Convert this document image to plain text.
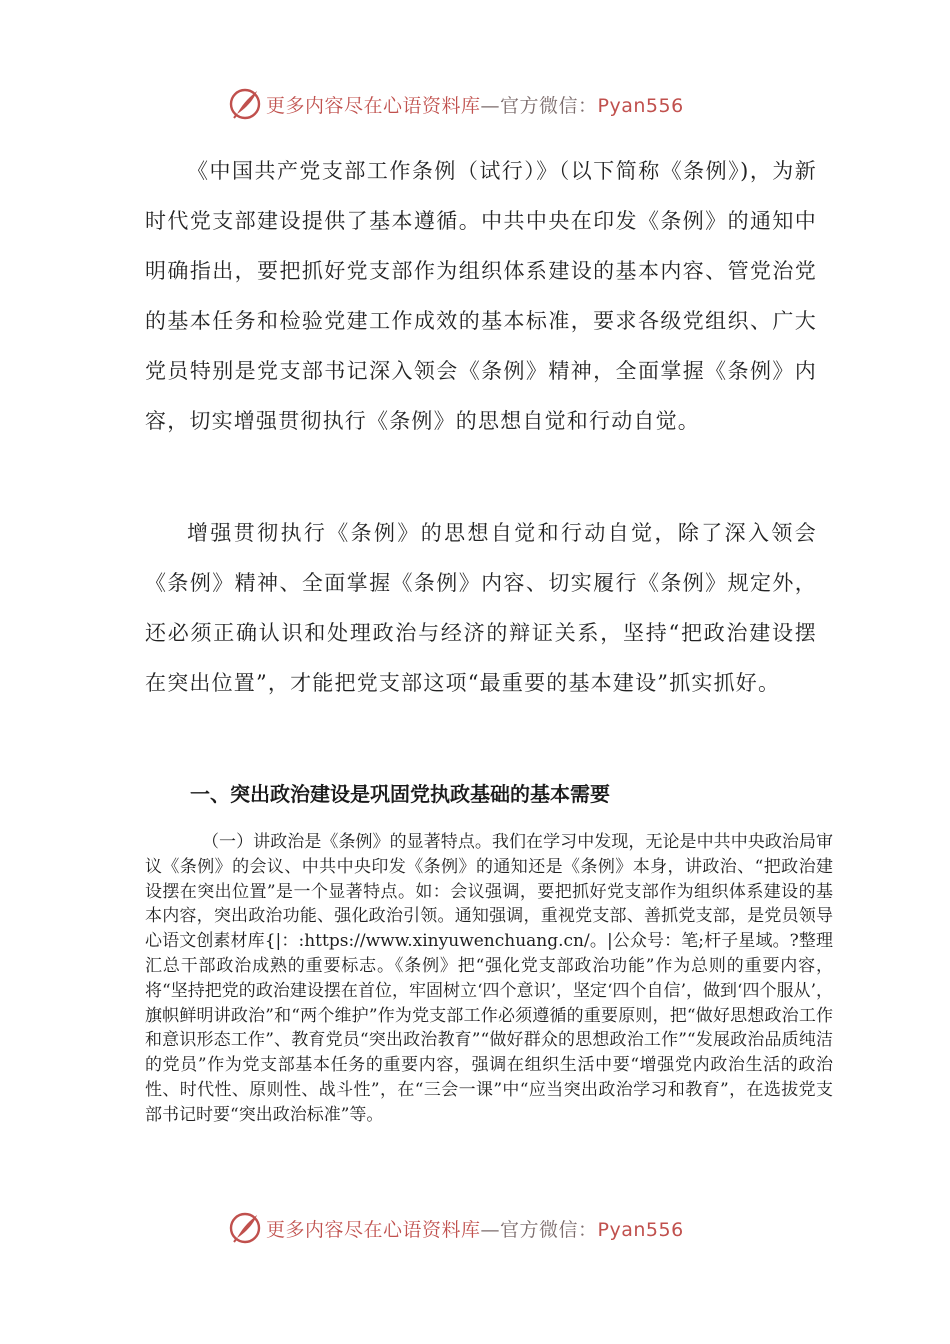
更多内容尽在心语资料库—官方微信：Pyan556

《中国共产党支部工作条例（试行）》（以下简称《条例》)，为新时代党支部建设提供了基本遵循。中共中央在印发《条例》的通知中明确指出，要把抓好党支部作为组织体系建设的基本内容、管党治党的基本任务和检验党建工作成效的基本标准，要求各级党组织、广大党员特别是党支部书记深入领会《条例》精神，全面掌握《条例》内容，切实增强贯彻执行《条例》的思想自觉和行动自觉。

增强贯彻执行《条例》的思想自觉和行动自觉，除了深入领会《条例》精神、全面掌握《条例》内容、切实履行《条例》规定外，还必须正确认识和处理政治与经济的辩证关系，坚持“把政治建设摆在突出位置”，才能把党支部这项“最重要的基本建设”抓实抓好。

一、突出政治建设是巩固党执政基础的基本需要

（一）讲政治是《条例》的显著特点。我们在学习中发现，无论是中共中央政治局审议《条例》的会议、中共中央印发《条例》的通知还是《条例》本身，讲政治、“把政治建设摆在突出位置”是一个显著特点。如：会议强调，要把抓好党支部作为组织体系建设的基本内容，突出政治功能、强化政治引领。通知强调，重视党支部、善抓党支部，是党员领导心语文创素材库{|：:https://www.xinyuwenchuang.cn/。|公众号：笔;杆子星域。?整理汇总干部政治成熟的重要标志。《条例》把“强化党支部政治功能”作为总则的重要内容，将“坚持把党的政治建设摆在首位，牢固树立‘四个意识’，坚定‘四个自信’，做到‘四个服从’，旗帜鲜明讲政治”和“两个维护”作为党支部工作必须遵循的重要原则，把“做好思想政治工作和意识形态工作”、教育党员“突出政治教育”“做好群众的思想政治工作”“发展政治品质纯洁的党员”作为党支部基本任务的重要内容，强调在组织生活中要“增强党内政治生活的政治性、时代性、原则性、战斗性”，在“三会一课”中“应当突出政治学习和教育”，在选拔党支部书记时要“突出政治标准”等。

更多内容尽在心语资料库—官方微信：Pyan556
